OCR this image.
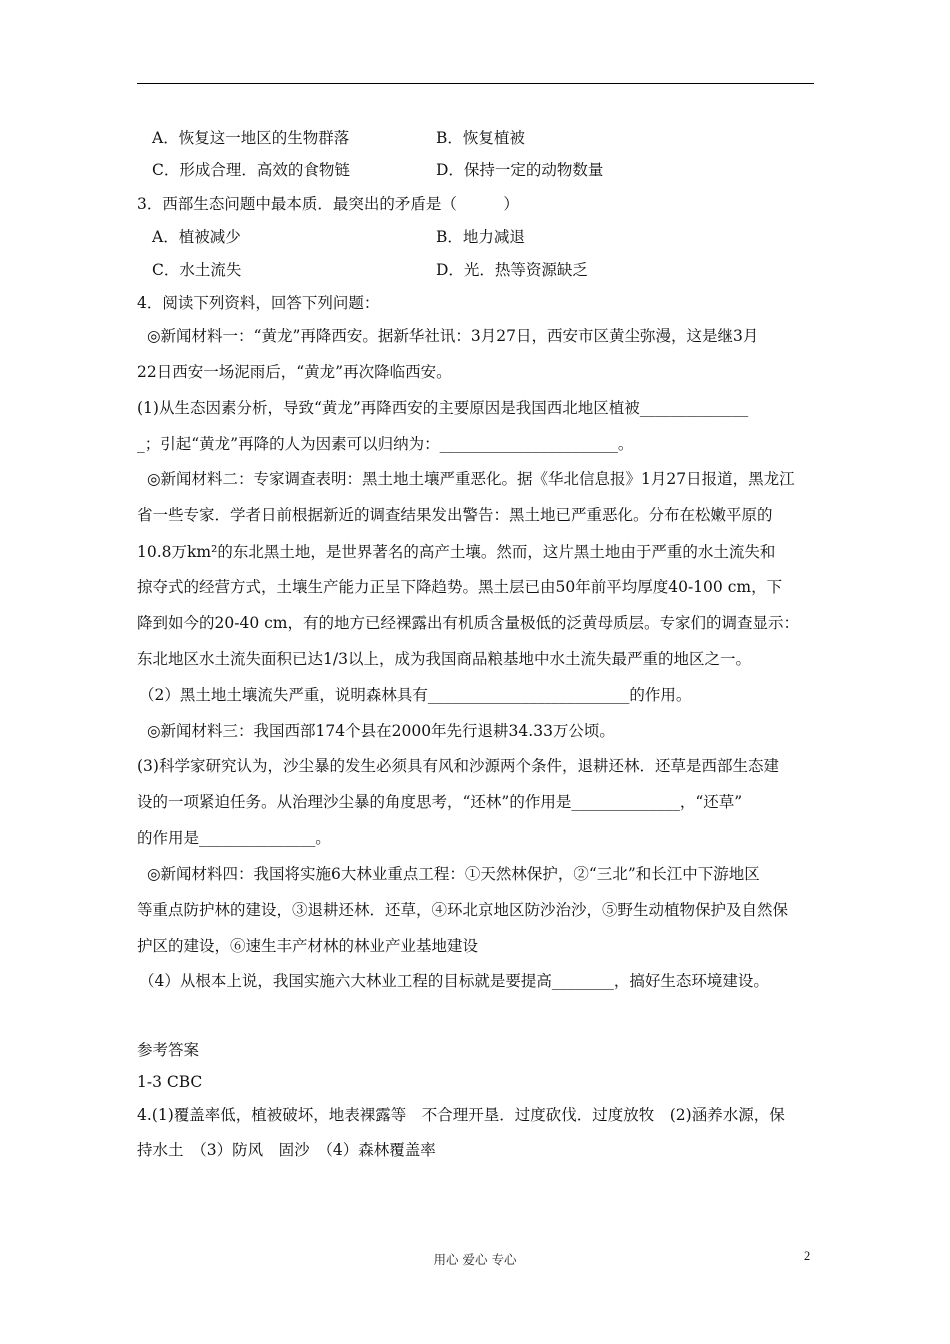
A．恢复这一地区的生物群落	B．恢复植被
C．形成合理．高效的食物链	D．保持一定的动物数量
3．西部生态问题中最本质．最突出的矛盾是（　　　）
A．植被减少	B．地力减退
C．水土流失	D．光．热等资源缺乏
4．阅读下列资料，回答下列问题：
◎新闻材料一：“黄龙”再降西安。据新华社讯：3月27日，西安市区黄尘弥漫，这是继3月
22日西安一场泥雨后，“黄龙”再次降临西安。
(1)从生态因素分析，导致“黄龙”再降西安的主要原因是我国西北地区植被______________
_；引起“黄龙”再降的人为因素可以归纳为：_______________________。
◎新闻材料二：专家调查表明：黑土地土壤严重恶化。据《华北信息报》1月27日报道，黑龙江
省一些专家．学者日前根据新近的调查结果发出警告：黑土地已严重恶化。分布在松嫩平原的
10.8万km²的东北黑土地，是世界著名的高产土壤。然而，这片黑土地由于严重的水土流失和
掠夺式的经营方式，土壤生产能力正呈下降趋势。黑土层已由50年前平均厚度40-100 cm，下
降到如今的20-40 cm，有的地方已经裸露出有机质含量极低的泛黄母质层。专家们的调查显示：
东北地区水土流失面积已达1/3以上，成为我国商品粮基地中水土流失最严重的地区之一。
（2）黑土地土壤流失严重，说明森林具有__________________________的作用。
◎新闻材料三：我国西部174个县在2000年先行退耕34.33万公顷。
(3)科学家研究认为，沙尘暴的发生必须具有风和沙源两个条件，退耕还林．还草是西部生态建
设的一项紧迫任务。从治理沙尘暴的角度思考，“还林”的作用是______________，“还草”
的作用是_______________。
◎新闻材料四：我国将实施6大林业重点工程：①天然林保护，②“三北”和长江中下游地区
等重点防护林的建设，③退耕还林．还草，④环北京地区防沙治沙，⑤野生动植物保护及自然保
护区的建设，⑥速生丰产材林的林业产业基地建设
（4）从根本上说，我国实施六大林业工程的目标就是要提高________，搞好生态环境建设。
参考答案
1-3 CBC
4.(1)覆盖率低，植被破坏，地表裸露等　不合理开垦．过度砍伐．过度放牧　(2)涵养水源，保
持水土　（3）防风　固沙　（4）森林覆盖率
用心 爱心 专心	2
